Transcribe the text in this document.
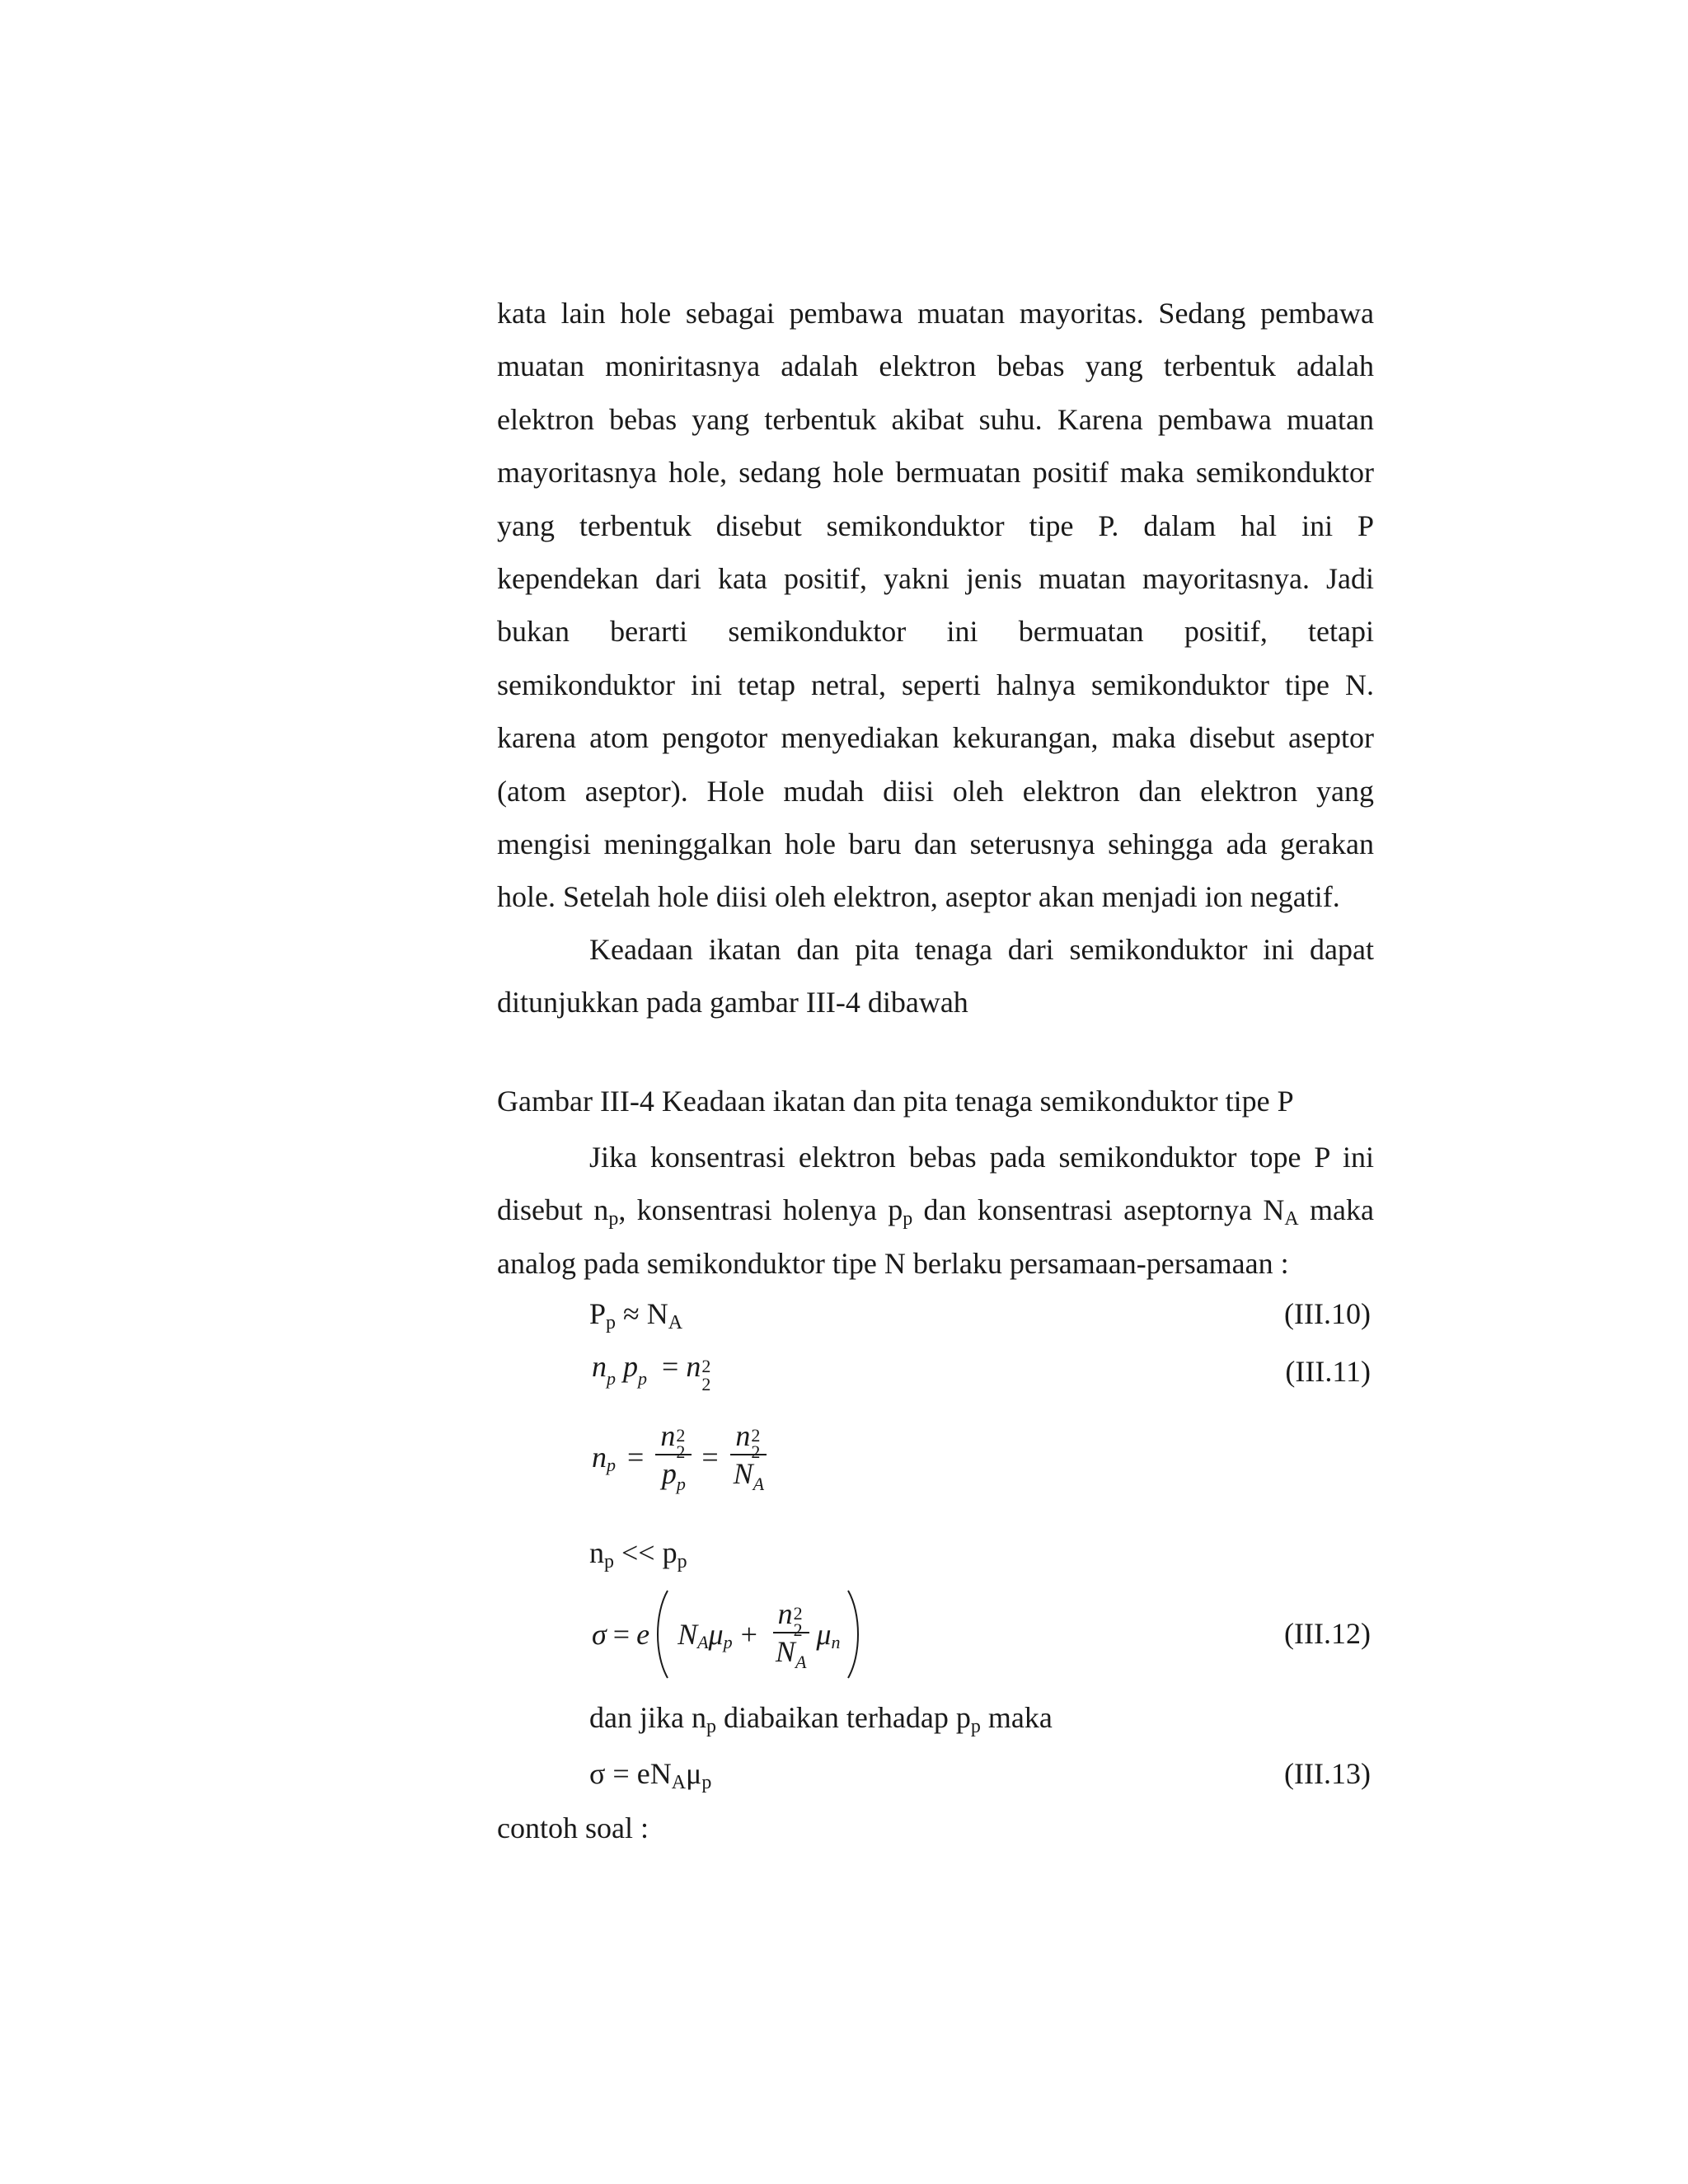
kata lain hole sebagai pembawa muatan mayoritas. Sedang pembawa
muatan moniritasnya adalah elektron bebas yang terbentuk adalah
elektron bebas yang terbentuk akibat suhu. Karena pembawa muatan
mayoritasnya hole, sedang hole bermuatan positif maka semikonduktor
yang terbentuk disebut semikonduktor tipe P. dalam hal ini P
kependekan dari kata positif, yakni jenis muatan mayoritasnya. Jadi
bukan berarti semikonduktor ini bermuatan positif, tetapi
semikonduktor ini tetap netral, seperti halnya semikonduktor tipe N.
karena atom pengotor menyediakan kekurangan, maka disebut aseptor
(atom aseptor). Hole mudah diisi oleh elektron dan elektron yang
mengisi meninggalkan hole baru dan seterusnya sehingga ada gerakan
hole. Setelah hole diisi oleh elektron, aseptor akan menjadi ion negatif.
Keadaan ikatan dan pita tenaga dari semikonduktor ini dapat
ditunjukkan pada gambar III-4 dibawah
Gambar III-4 Keadaan ikatan dan pita tenaga semikonduktor tipe P
Jika konsentrasi elektron bebas pada semikonduktor tope P ini
disebut $n_p$, konsentrasi holenya $p_p$ dan konsentrasi aseptornya $N_A$ maka
analog pada semikonduktor tipe N berlaku persamaan-persamaan :
$P_p \approx N_A$	(III.10)
$n_p$ $p_p = n$ 2
2	(III.11)
n p = n 2
2
$p_p = n$ 2
2
$N_A$
$n_p << p_p$
σ = e N A μ p + n 2
2
$N_A$ μ n	(III.12)
dan jika $n_p$ diabaikan terhadap $p_p$ maka
$\sigma = eN_A\mu_p$	(III.13)
contoh soal :
